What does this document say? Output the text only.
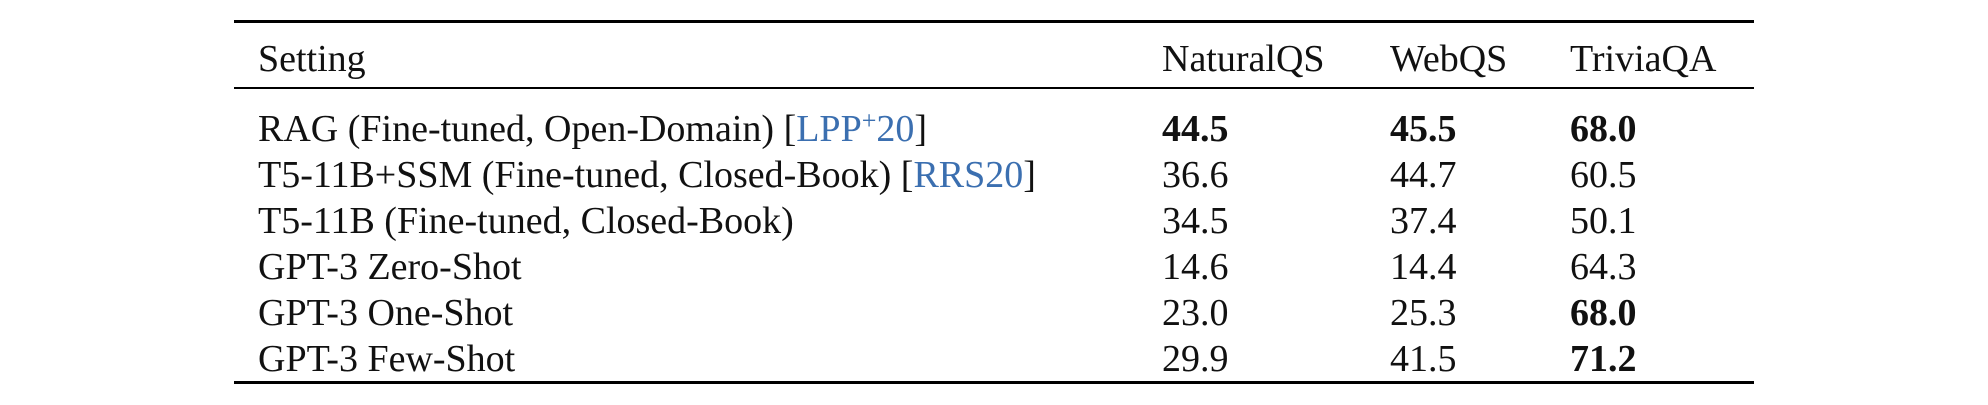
Setting	NaturalQS WebQS TriviaQA
RAG (Fine-tuned, Open-Domain) [LPP+20]	44.5	45.5	68.0
T5-11B+SSM (Fine-tuned, Closed-Book) [RRS20]	36.6	44.7	60.5
T5-11B (Fine-tuned, Closed-Book)	34.5	37.4	50.1
GPT-3 Zero-Shot	14.6	14.4	64.3
GPT-3 One-Shot	23.0	25.3	68.0
GPT-3 Few-Shot	29.9	41.5	71.2
